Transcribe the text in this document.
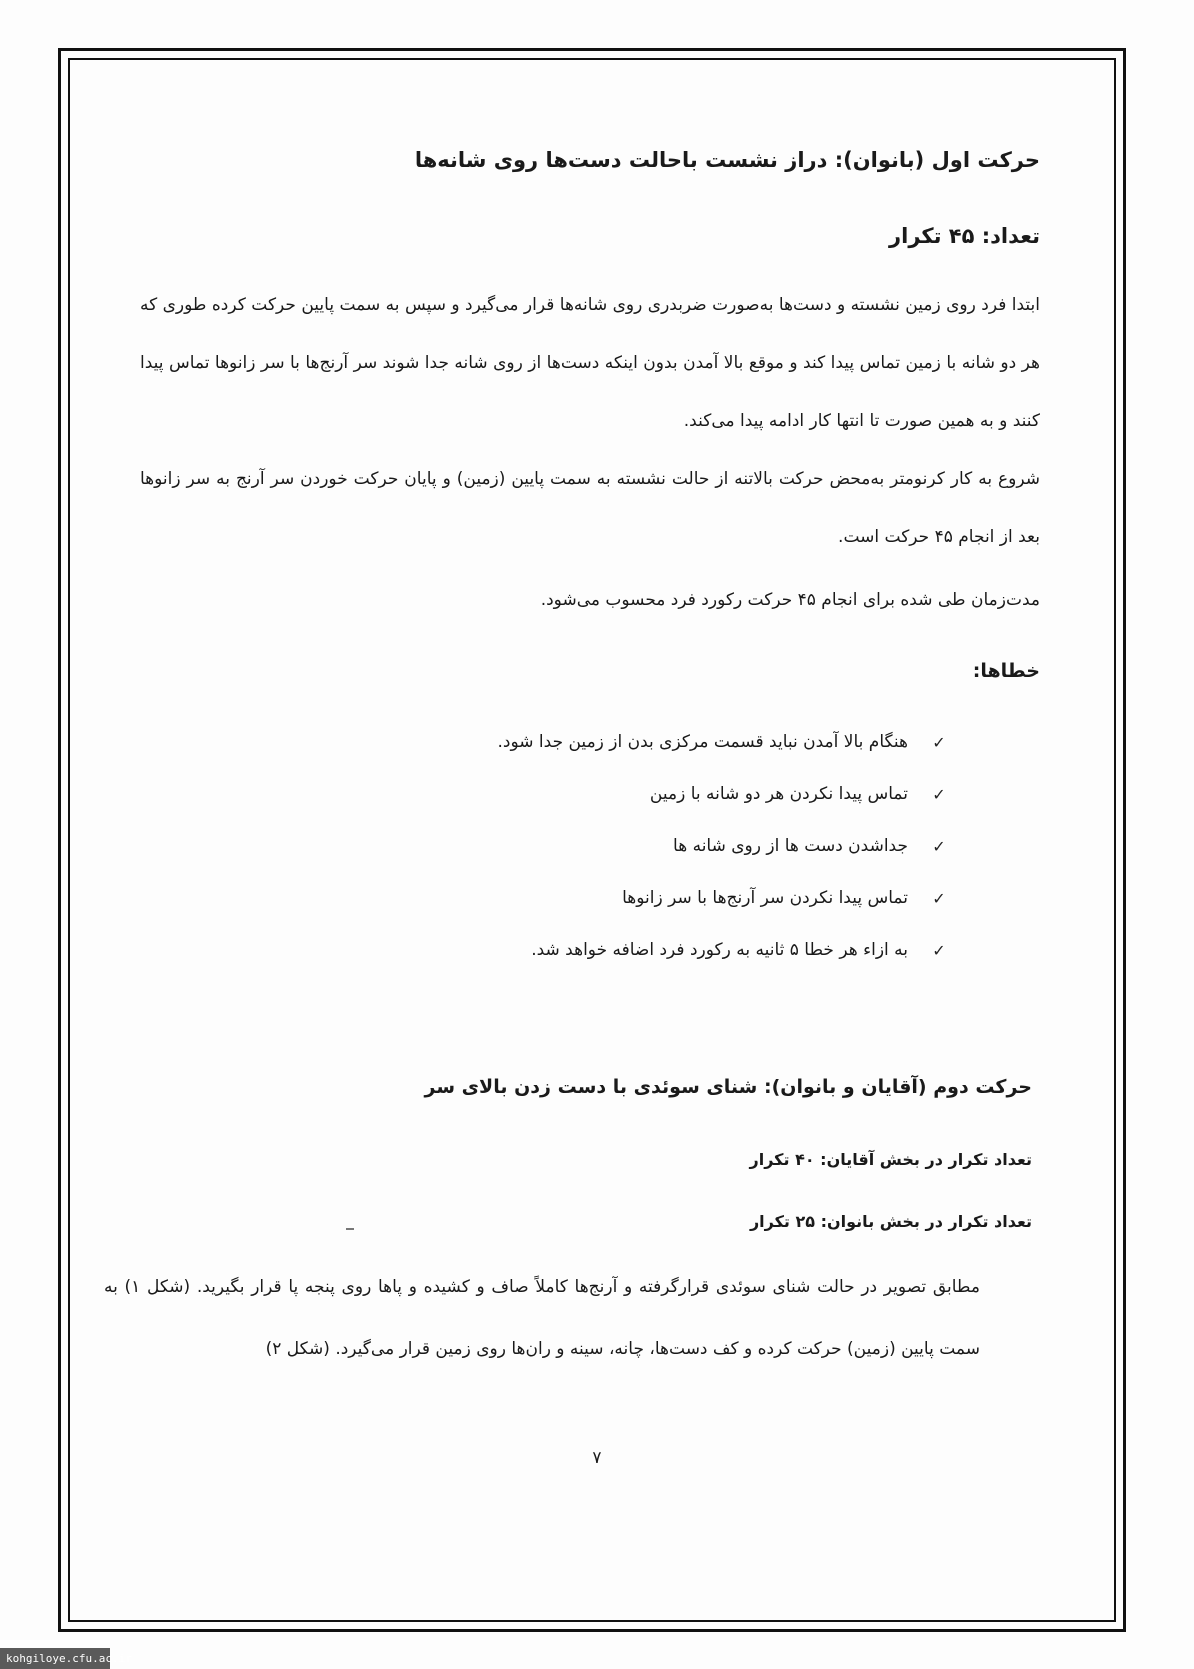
حرکت اول (بانوان): دراز نشست باحالت دست‌ها روی شانه‌ها
تعداد: ۴۵ تکرار
ابتدا فرد روی زمین نشسته و دست‌ها به‌صورت ضربدری روی شانه‌ها قرار می‌گیرد و سپس به سمت پایین حرکت کرده طوری که هر دو شانه با زمین تماس پیدا کند و موقع بالا آمدن بدون اینکه دست‌ها از روی شانه جدا شوند سر آرنج‌ها با سر زانوها تماس پیدا کنند و به همین صورت تا انتها کار ادامه پیدا می‌کند.
شروع به کار کرنومتر به‌محض حرکت بالاتنه از حالت نشسته به سمت پایین (زمین) و پایان حرکت خوردن سر آرنج به سر زانوها بعد از انجام ۴۵ حرکت است.
مدت‌زمان طی شده برای انجام ۴۵ حرکت رکورد فرد محسوب می‌شود.
خطاها:
✓
هنگام بالا آمدن نباید قسمت مرکزی بدن از زمین جدا شود.
✓
تماس پیدا نکردن هر دو شانه با زمین
✓
جداشدن دست ها از روی شانه ها
✓
تماس پیدا نکردن سر آرنج‌ها با سر زانوها
✓
به ازاء هر خطا ۵ ثانیه به رکورد فرد اضافه خواهد شد.
حرکت دوم (آقایان و بانوان): شنای سوئدی با دست زدن بالای سر
تعداد تکرار در بخش آقایان: ۴۰ تکرار
تعداد تکرار در بخش بانوان: ۲۵ تکرار
مطابق تصویر در حالت شنای سوئدی قرارگرفته و آرنج‌ها کاملاً صاف و کشیده و پاها روی پنجه پا قرار بگیرید. (شکل ۱) به سمت پایین (زمین) حرکت کرده و کف دست‌ها، چانه، سینه و ران‌ها روی زمین قرار می‌گیرد. (شکل ۲)
۷
kohgiloye.cfu.ac.ir
